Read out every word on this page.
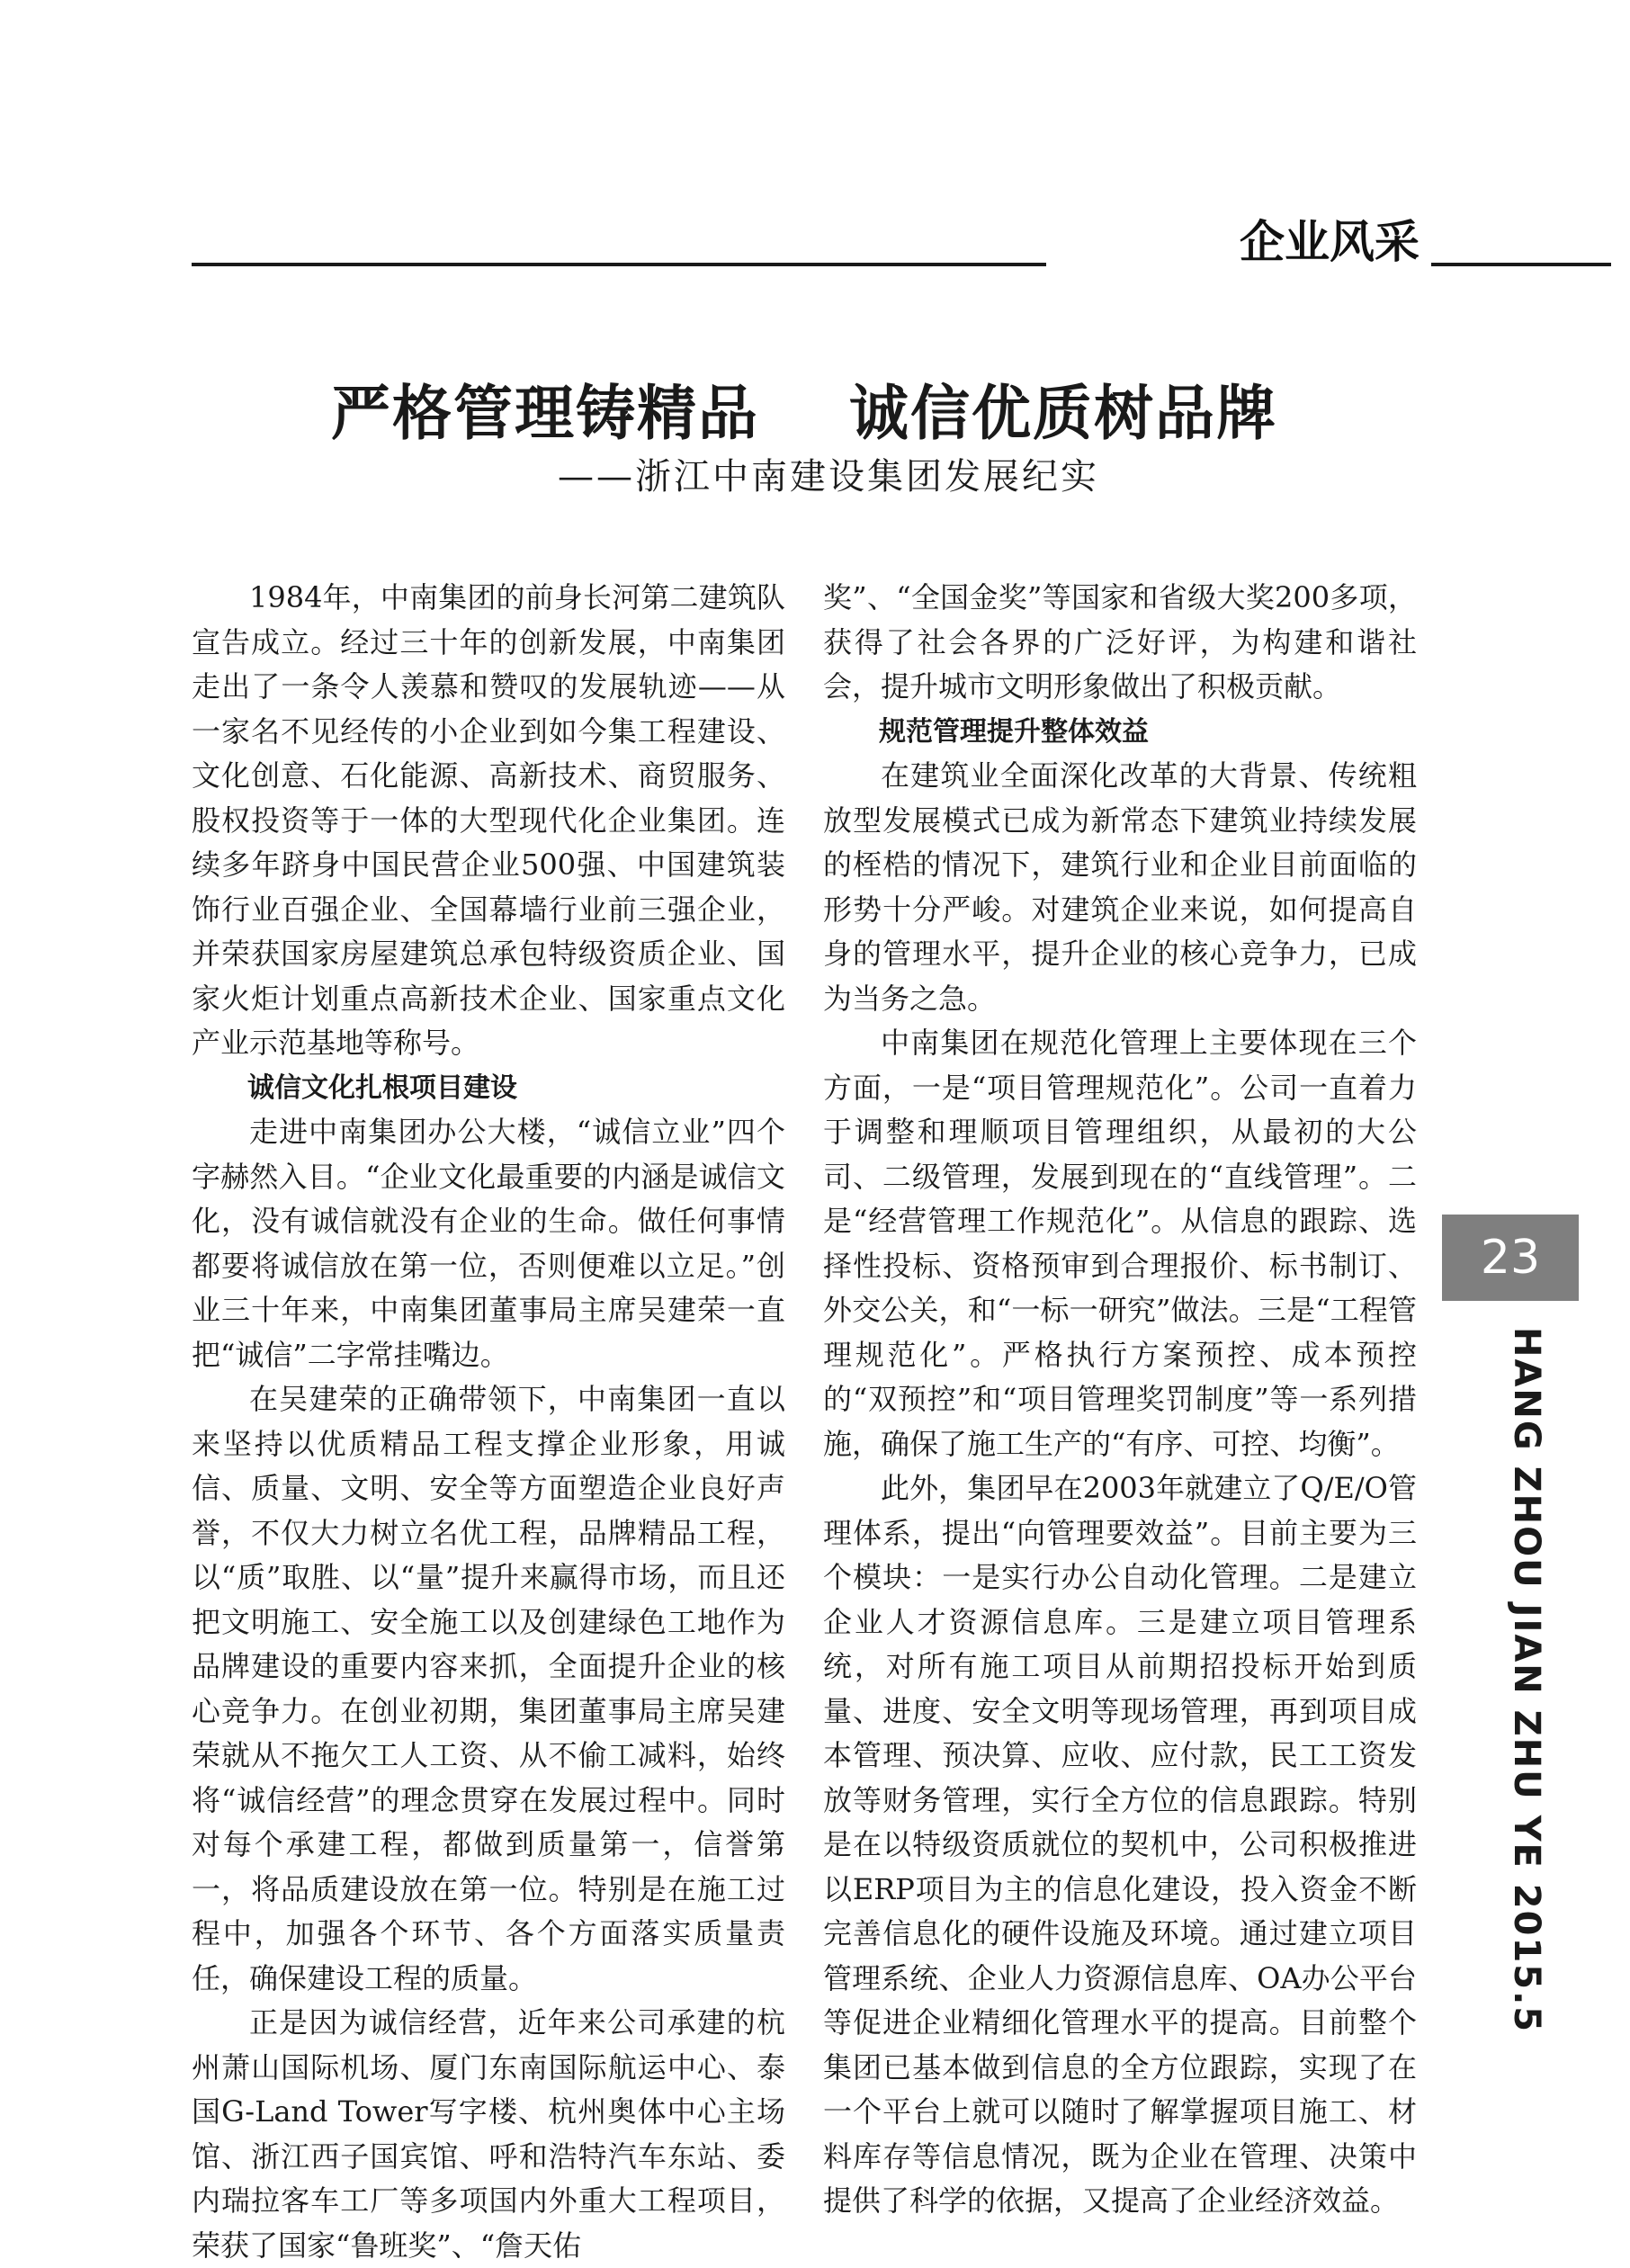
企业风采
严格管理铸精品 诚信优质树品牌
——浙江中南建设集团发展纪实

1984年，中南集团的前身长河第二建筑队宣告成立。经过三十年的创新发展，中南集团走出了一条令人羡慕和赞叹的发展轨迹——从一家名不见经传的小企业到如今集工程建设、文化创意、石化能源、高新技术、商贸服务、股权投资等于一体的大型现代化企业集团。连续多年跻身中国民营企业500强、中国建筑装饰行业百强企业、全国幕墙行业前三强企业，并荣获国家房屋建筑总承包特级资质企业、国家火炬计划重点高新技术企业、国家重点文化产业示范基地等称号。

诚信文化扎根项目建设

走进中南集团办公大楼，“诚信立业”四个字赫然入目。“企业文化最重要的内涵是诚信文化，没有诚信就没有企业的生命。做任何事情都要将诚信放在第一位，否则便难以立足。”创业三十年来，中南集团董事局主席吴建荣一直把“诚信”二字常挂嘴边。

在吴建荣的正确带领下，中南集团一直以来坚持以优质精品工程支撑企业形象，用诚信、质量、文明、安全等方面塑造企业良好声誉，不仅大力树立名优工程，品牌精品工程，以“质”取胜、以“量”提升来赢得市场，而且还把文明施工、安全施工以及创建绿色工地作为品牌建设的重要内容来抓，全面提升企业的核心竞争力。在创业初期，集团董事局主席吴建荣就从不拖欠工人工资、从不偷工减料，始终将“诚信经营”的理念贯穿在发展过程中。同时对每个承建工程，都做到质量第一，信誉第一，将品质建设放在第一位。特别是在施工过程中，加强各个环节、各个方面落实质量责任，确保建设工程的质量。

正是因为诚信经营，近年来公司承建的杭州萧山国际机场、厦门东南国际航运中心、泰国G-Land Tower写字楼、杭州奥体中心主场馆、浙江西子国宾馆、呼和浩特汽车东站、委内瑞拉客车工厂等多项国内外重大工程项目，荣获了国家“鲁班奖”、“詹天佑

奖”、“全国金奖”等国家和省级大奖200多项，获得了社会各界的广泛好评，为构建和谐社会，提升城市文明形象做出了积极贡献。

规范管理提升整体效益

在建筑业全面深化改革的大背景、传统粗放型发展模式已成为新常态下建筑业持续发展的桎梏的情况下，建筑行业和企业目前面临的形势十分严峻。对建筑企业来说，如何提高自身的管理水平，提升企业的核心竞争力，已成为当务之急。

中南集团在规范化管理上主要体现在三个方面，一是“项目管理规范化”。公司一直着力于调整和理顺项目管理组织，从最初的大公司、二级管理，发展到现在的“直线管理”。二是“经营管理工作规范化”。从信息的跟踪、选择性投标、资格预审到合理报价、标书制订、外交公关，和“一标一研究”做法。三是“工程管理规范化”。严格执行方案预控、成本预控的“双预控”和“项目管理奖罚制度”等一系列措施，确保了施工生产的“有序、可控、均衡”。

此外，集团早在2003年就建立了Q/E/O管理体系，提出“向管理要效益”。目前主要为三个模块：一是实行办公自动化管理。二是建立企业人才资源信息库。三是建立项目管理系统，对所有施工项目从前期招投标开始到质量、进度、安全文明等现场管理，再到项目成本管理、预决算、应收、应付款，民工工资发放等财务管理，实行全方位的信息跟踪。特别是在以特级资质就位的契机中，公司积极推进以ERP项目为主的信息化建设，投入资金不断完善信息化的硬件设施及环境。通过建立项目管理系统、企业人力资源信息库、OA办公平台等促进企业精细化管理水平的提高。目前整个集团已基本做到信息的全方位跟踪，实现了在一个平台上就可以随时了解掌握项目施工、材料库存等信息情况，既为企业在管理、决策中提供了科学的依据，又提高了企业经济效益。

23
HANG ZHOU JIAN ZHU YE 2015.5
